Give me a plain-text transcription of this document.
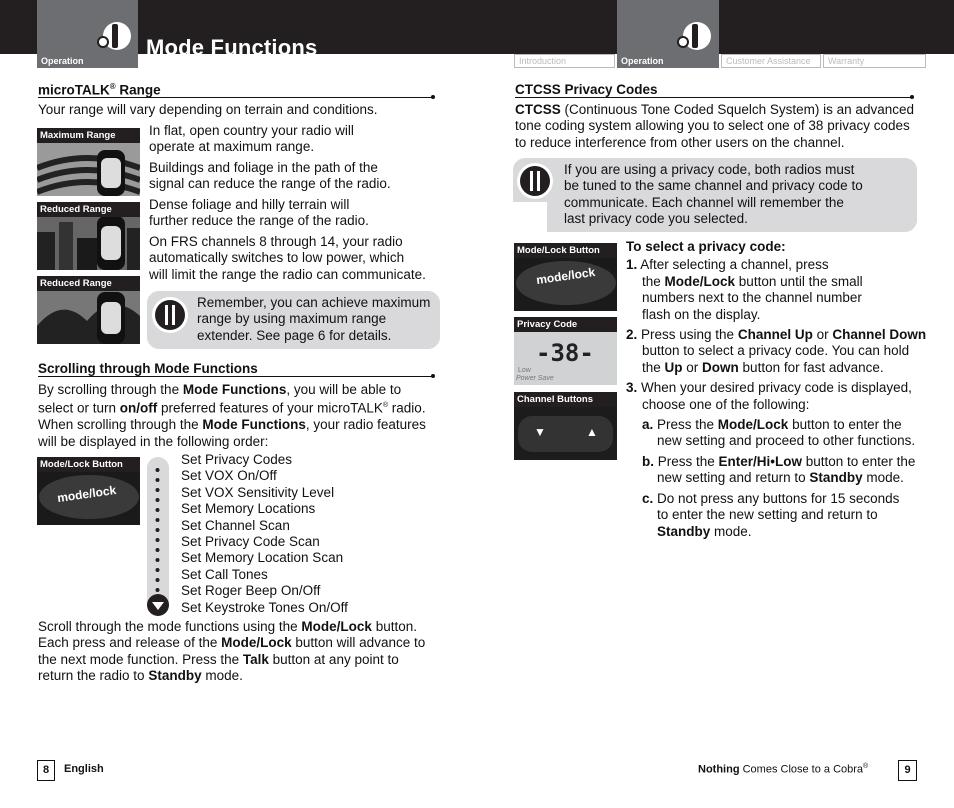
Operation
Mode Functions
Introduction	Operation	Customer Assistance	Warranty
microTALK® Range
Your range will vary depending on terrain and conditions.
Maximum Range
Reduced Range
Reduced Range
In flat, open country your radio will
operate at maximum range.
Buildings and foliage in the path of the
signal can reduce the range of the radio.
Dense foliage and hilly terrain will
further reduce the range of the radio.
On FRS channels 8 through 14, your radio
automatically switches to low power, which
will limit the range the radio can communicate.
Remember, you can achieve maximum
range by using maximum range
extender. See page 6 for details.
Scrolling through Mode Functions
By scrolling through the Mode Functions, you will be able to
select or turn on/off preferred features of your microTALK® radio.
When scrolling through the Mode Functions, your radio features
will be displayed in the following order:
mode/lock
Mode/Lock Button	Set Privacy Codes
Set VOX On/Off
Set VOX Sensitivity Level
Set Memory Locations
Set Channel Scan
Set Privacy Code Scan
Set Memory Location Scan
Set Call Tones
Set Roger Beep On/Off
Set Keystroke Tones On/Off
Scroll through the mode functions using the Mode/Lock button.
Each press and release of the Mode/Lock button will advance to
the next mode function. Press the Talk button at any point to
return the radio to Standby mode.
8	English
CTCSS Privacy Codes
CTCSS (Continuous Tone Coded Squelch System) is an advanced
tone coding system allowing you to select one of 38 privacy codes
to reduce interference from other users on the channel.
If you are using a privacy code, both radios must
be tuned to the same channel and privacy code to
communicate. Each channel will remember the
last privacy code you selected.
mode/lock
Mode/Lock Button
-38-
Low
Power Save
Privacy Code
▼	▲
Channel Buttons
To select a privacy code:
1. After selecting a channel, press
the Mode/Lock button until the small
numbers next to the channel number
flash on the display.
2. Press using the Channel Up or Channel Down
button to select a privacy code. You can hold
the Up or Down button for fast advance.
3. When your desired privacy code is displayed,
choose one of the following:
a. Press the Mode/Lock button to enter the
new setting and proceed to other functions.
b. Press the Enter/Hi•Low button to enter the
new setting and return to Standby mode.
c. Do not press any buttons for 15 seconds
to enter the new setting and return to
Standby mode.
Nothing Comes Close to a Cobra®	9
